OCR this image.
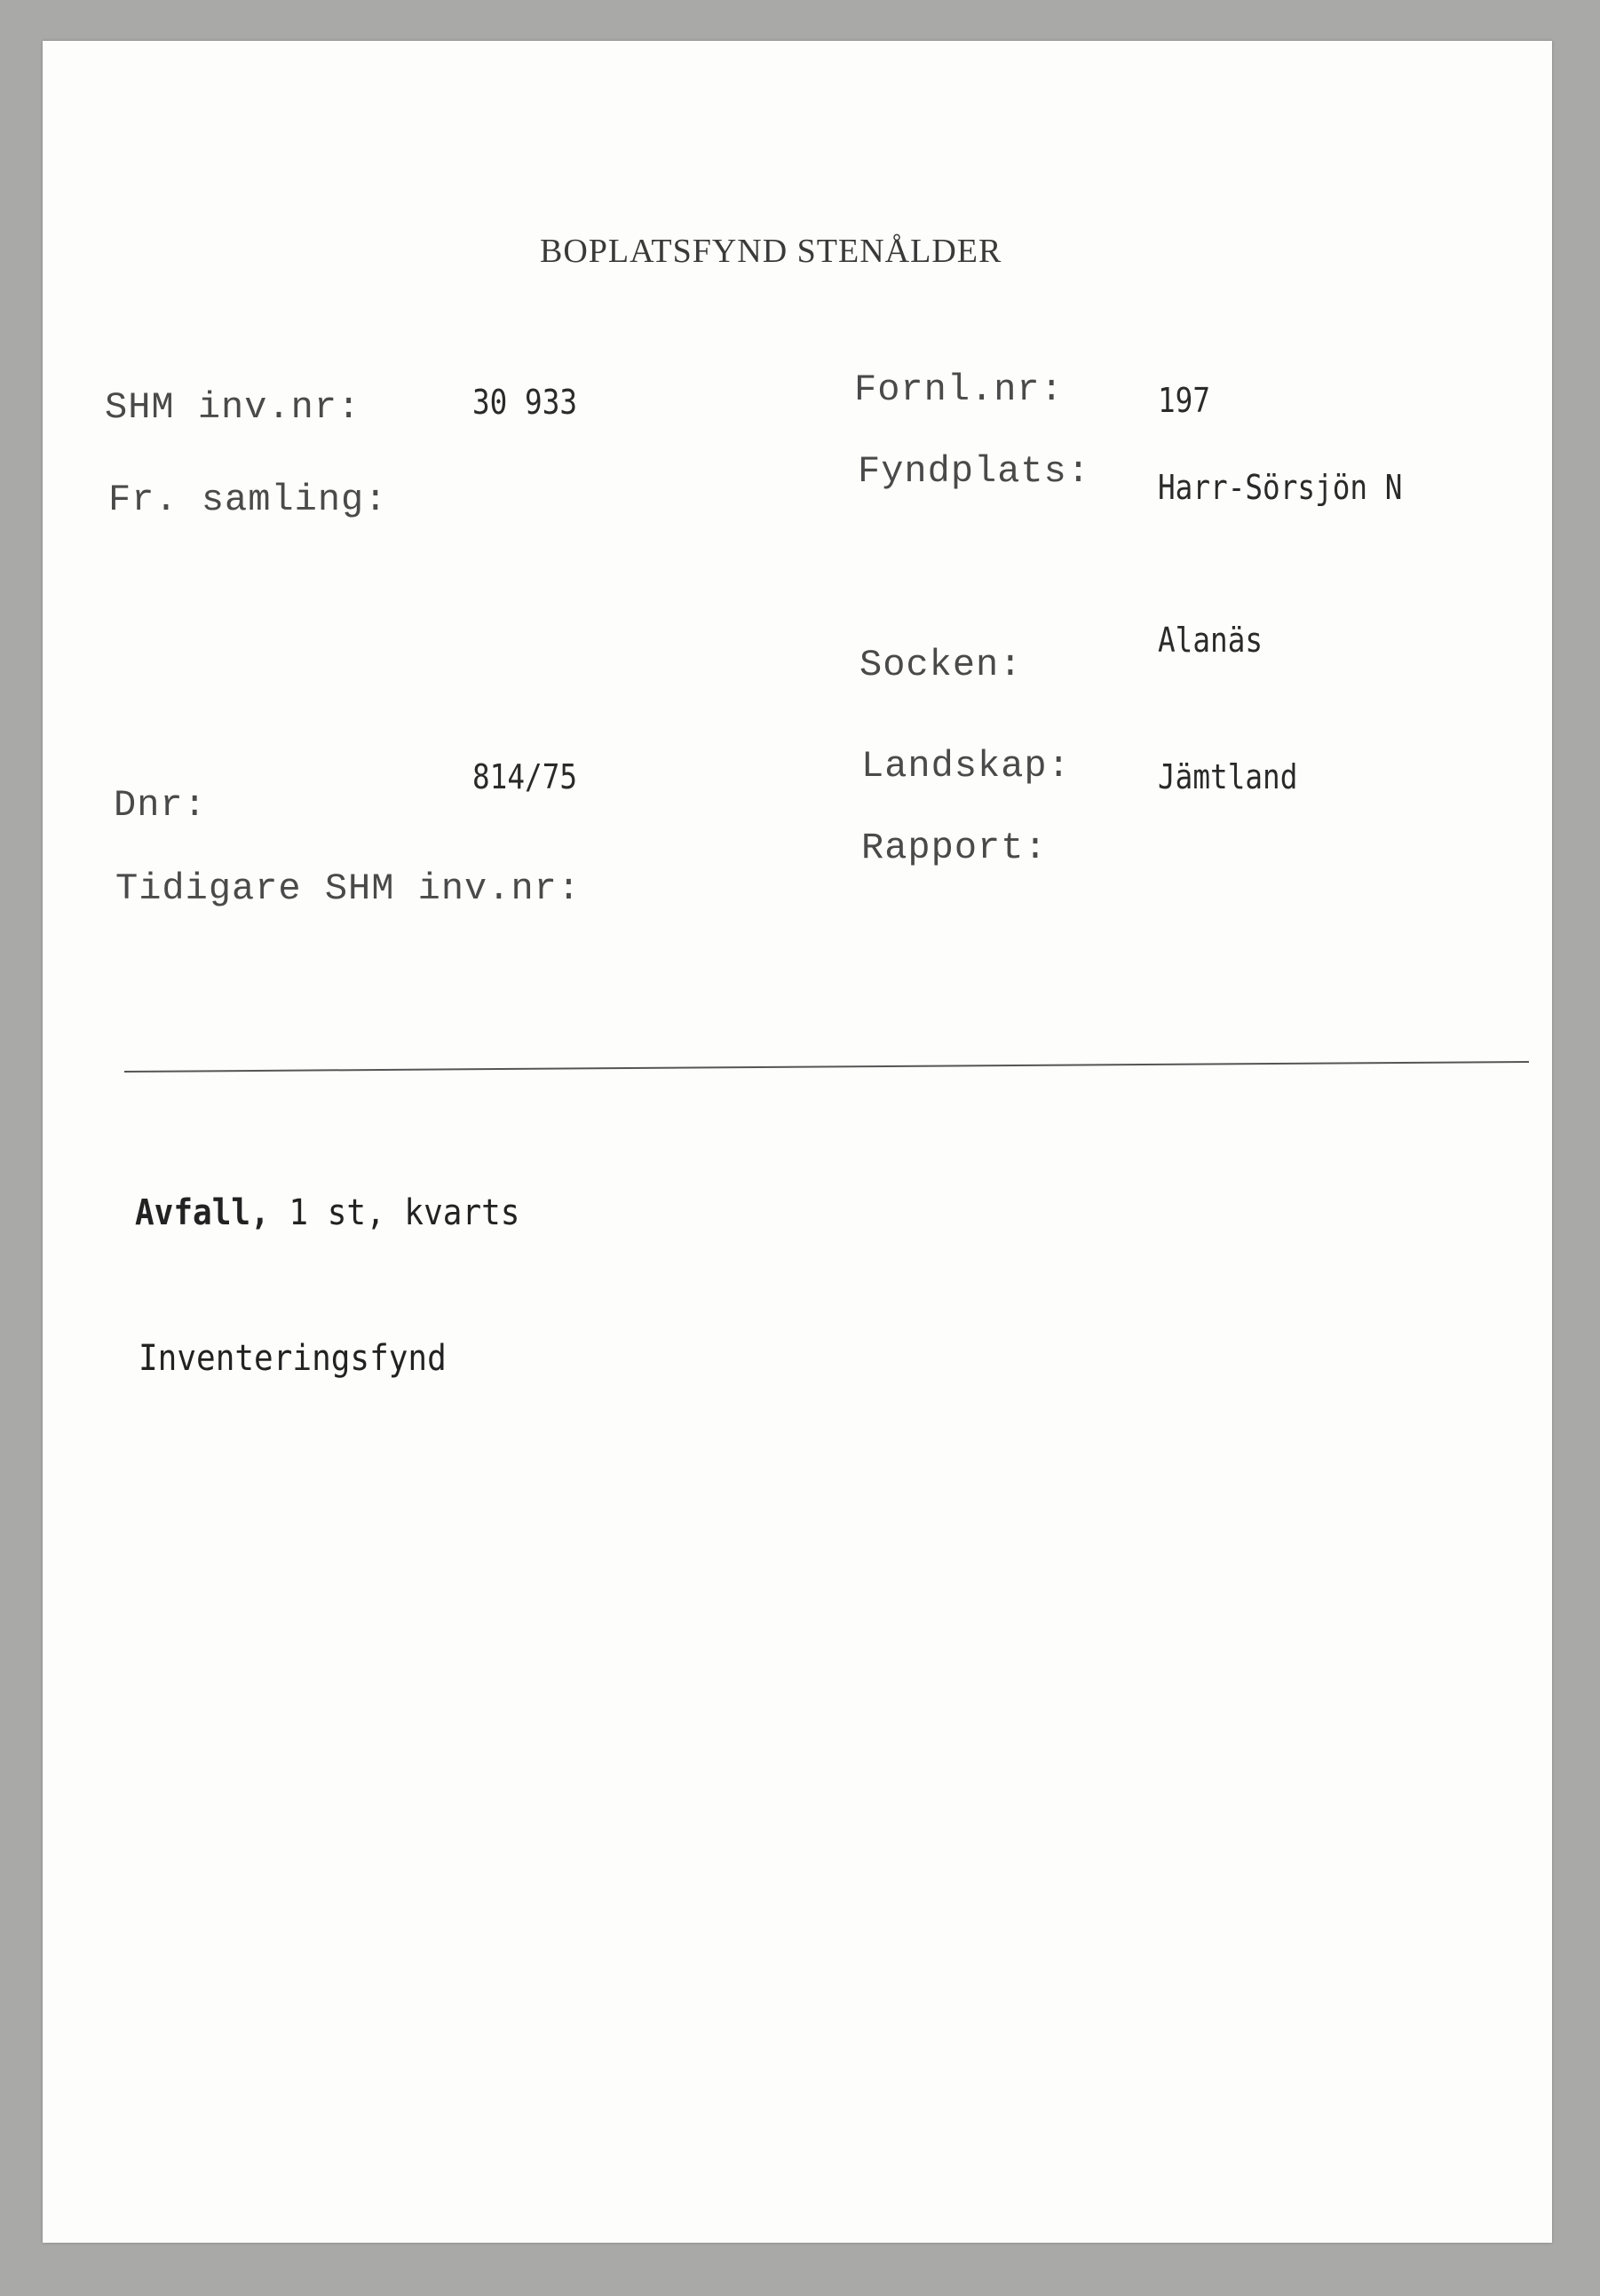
BOPLATSFYND STENÅLDER
SHM inv.nr:	30 933
Fr. samling:
Dnr:
814/75
Tidigare SHM inv.nr:
Fornl.nr:	197
Fyndplats: Harr-Sörsjön N
Socken:
Alanäs
Landskap:	Jämtland
Rapport:
Avfall, 1 st, kvarts
Inventeringsfynd
